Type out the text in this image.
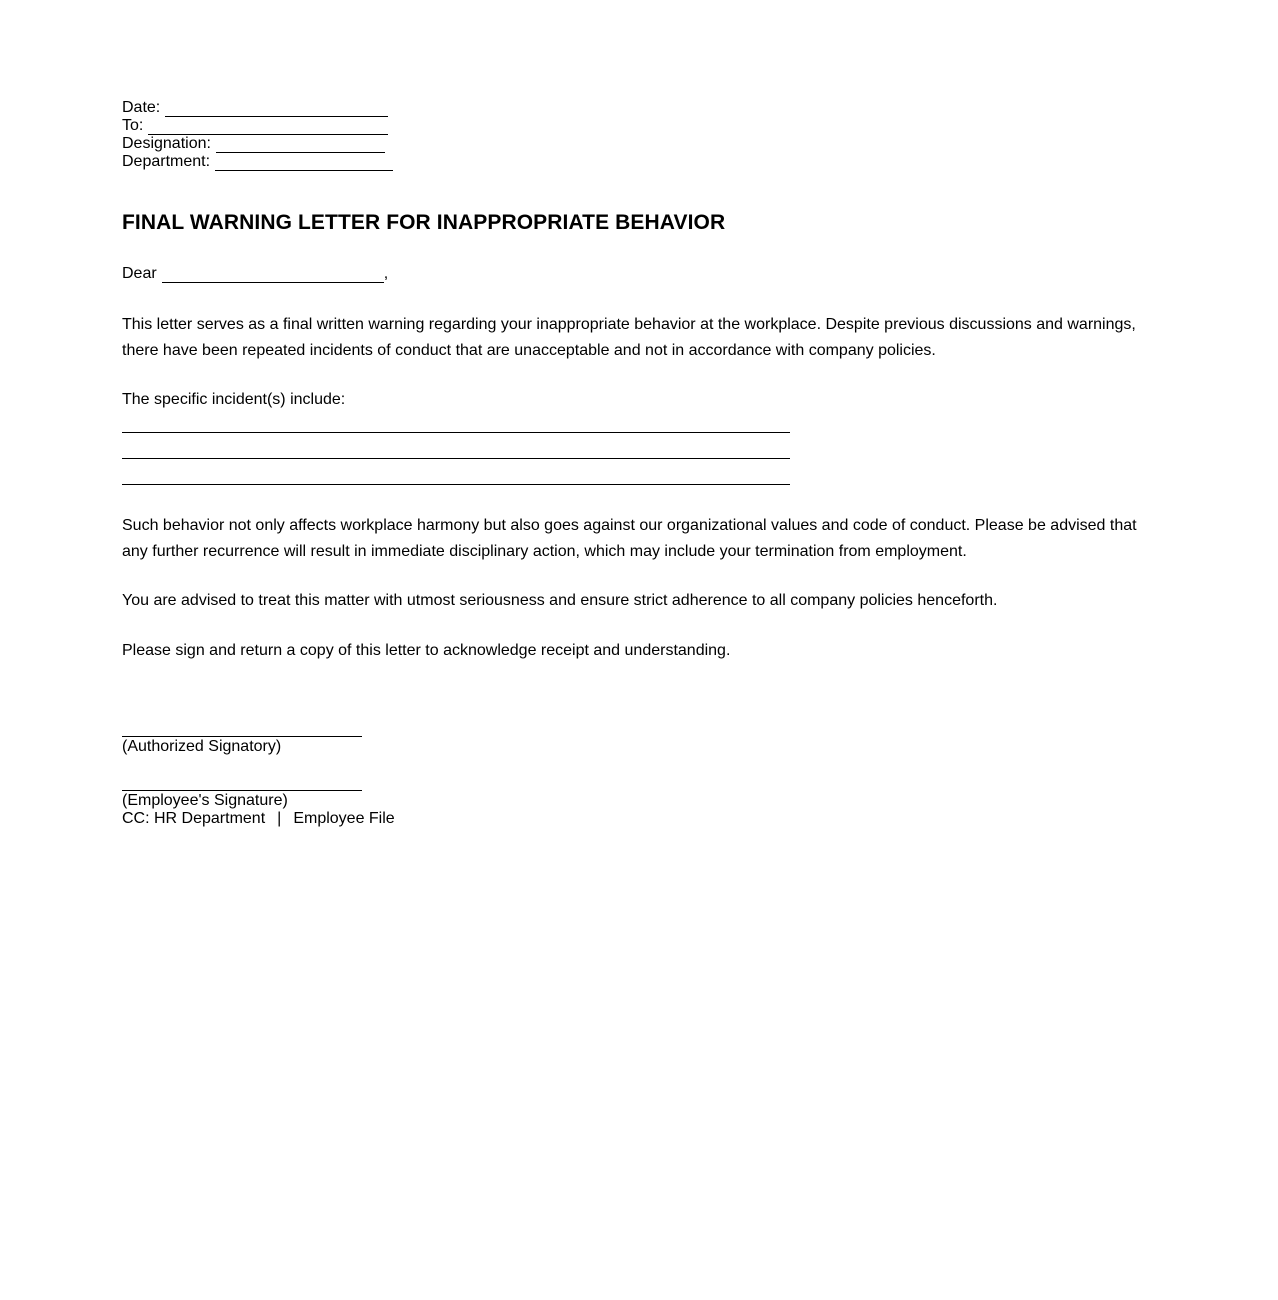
Date:
To:
Designation:
Department:
FINAL WARNING LETTER FOR INAPPROPRIATE BEHAVIOR
Dear	,
This letter serves as a final written warning regarding your inappropriate behavior at the workplace. Despite previous discussions and warnings, there have been repeated incidents of conduct that are unacceptable and not in accordance with company policies.
The specific incident(s) include:
Such behavior not only affects workplace harmony but also goes against our organizational values and code of conduct. Please be advised that any further recurrence will result in immediate disciplinary action, which may include your termination from employment.
You are advised to treat this matter with utmost seriousness and ensure strict adherence to all company policies henceforth.
Please sign and return a copy of this letter to acknowledge receipt and understanding.
(Authorized Signatory)
(Employee's Signature)
CC: HR Department | Employee File
